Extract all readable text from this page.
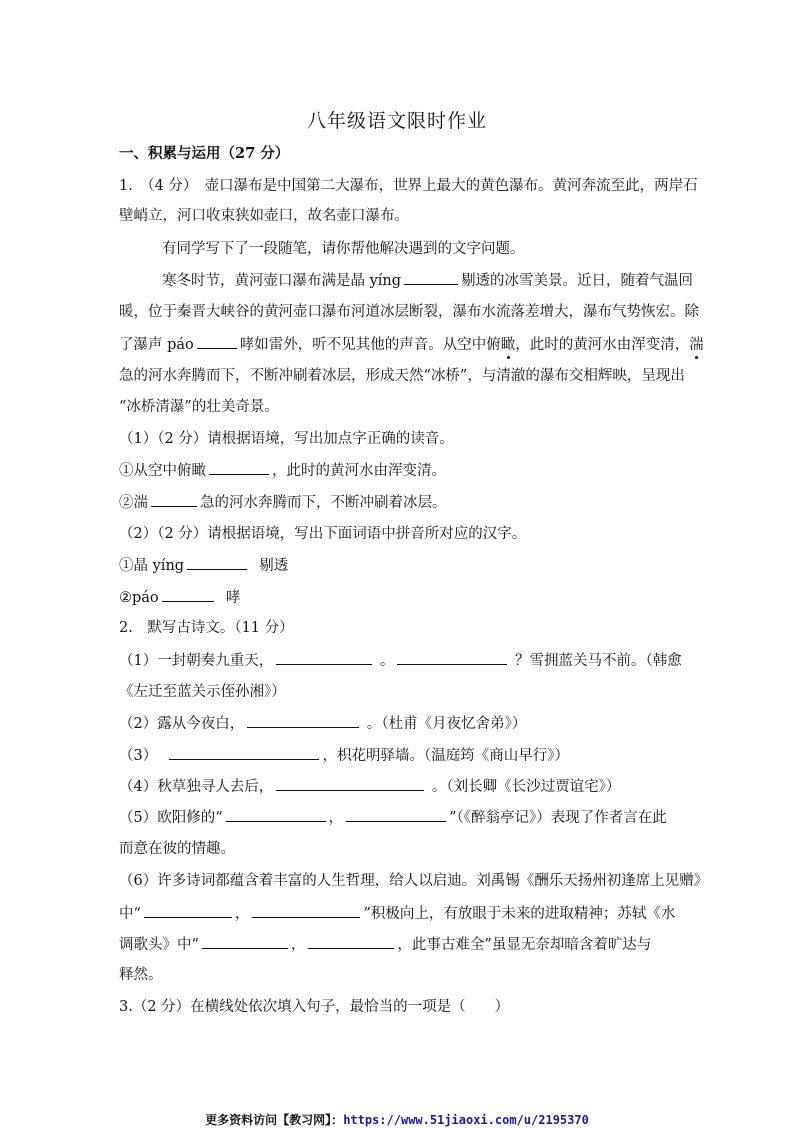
八年级语文限时作业
一、积累与运用（27 分）
1.　（4 分）　壶口瀑布是中国第二大瀑布，世界上最大的黄色瀑布。黄河奔流至此，两岸石
壁峭立，河口收束狭如壶口，故名壶口瀑布。
有同学写下了一段随笔，请你帮他解决遇到的文字问题。
寒冬时节，黄河壶口瀑布满是晶 yíng	剔透的冰雪美景。近日，随着气温回
暖，位于秦晋大峡谷的黄河壶口瀑布河道冰层断裂，瀑布水流落差增大，瀑布气势恢宏。除
了瀑声 páo	哮如雷外，听不见其他的声音。从空中俯瞰，此时的黄河水由浑变清，湍
急的河水奔腾而下，不断冲刷着冰层，形成天然“冰桥”，与清澈的瀑布交相辉映，呈现出
“冰桥清瀑”的壮美奇景。
（1）（2 分）请根据语境，写出加点字正确的读音。
①从空中俯瞰	，此时的黄河水由浑变清。
②湍	急的河水奔腾而下，不断冲刷着冰层。
（2）（2 分）请根据语境，写出下面词语中拼音所对应的汉字。
①晶 yíng	剔透
②páo	哮
2.　默写古诗文。（11 分）
（1）一封朝奏九重天，	。	？雪拥蓝关马不前。（韩愈
《左迁至蓝关示侄孙湘》）
（2）露从今夜白，	。（杜甫《月夜忆舍弟》）
（3）	，枳花明驿墙。（温庭筠《商山早行》）
（4）秋草独寻人去后，	。（刘长卿《长沙过贾谊宅》）
（5）欧阳修的“	，	”（《醉翁亭记》）表现了作者言在此
而意在彼的情趣。
（6）许多诗词都蕴含着丰富的人生哲理，给人以启迪。刘禹锡《酬乐天扬州初逢席上见赠》
中“	，	”积极向上，有放眼于未来的进取精神；苏轼《水
调歌头》中“	，	，此事古难全”虽显无奈却暗含着旷达与
释然。
3.（2 分）在横线处依次填入句子，最恰当的一项是（　　）
更多资料访问【教习网】：https://www.51jiaoxi.com/u/2195370
